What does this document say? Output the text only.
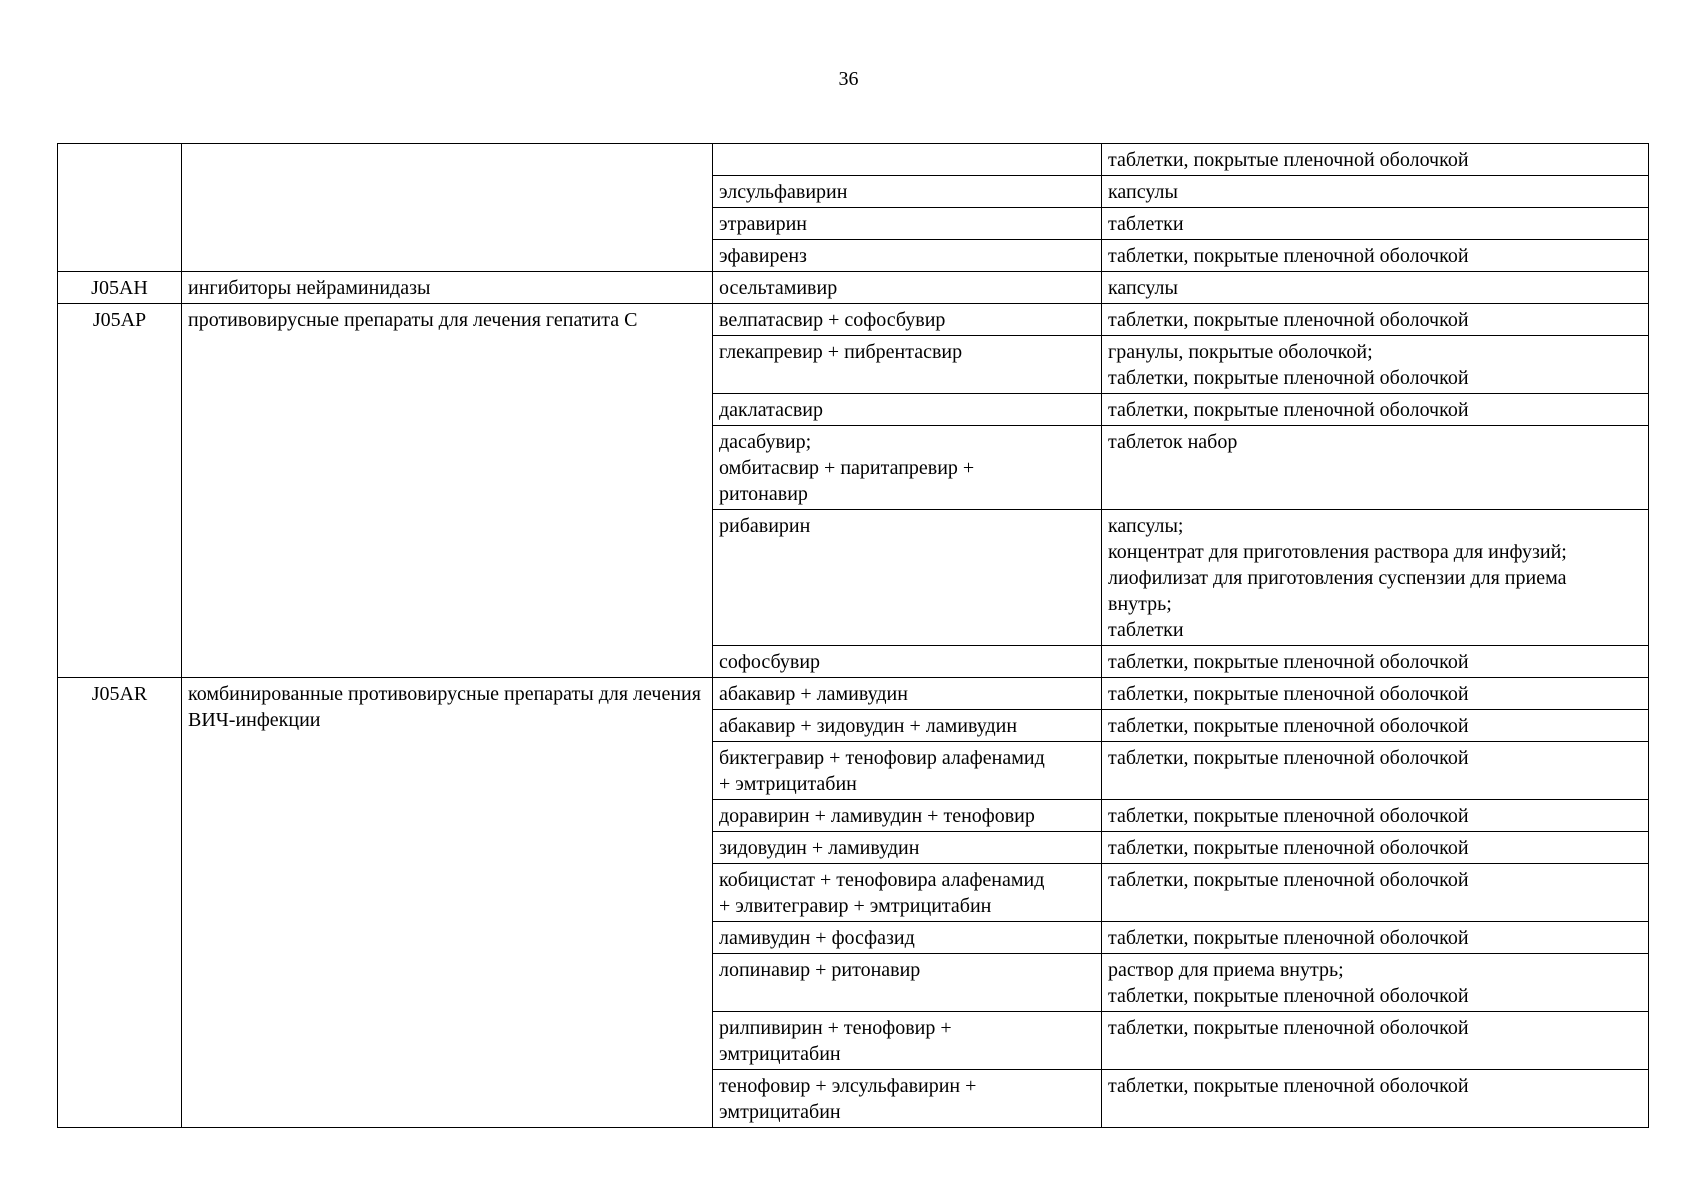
36

			таблетки, покрытые пленочной оболочкой

		элсульфавирин	капсулы

		этравирин	таблетки

		эфавиренз	таблетки, покрытые пленочной оболочкой

J05AH	ингибиторы нейраминидазы	осельтамивир	капсулы

J05AP	противовирусные препараты для лечения гепатита С	велпатасвир + софосбувир	таблетки, покрытые пленочной оболочкой

		глекапревир + пибрентасвир	гранулы, покрытые оболочкой;
таблетки, покрытые пленочной оболочкой

		даклатасвир	таблетки, покрытые пленочной оболочкой

		дасабувир;
омбитасвир + паритапревир +
ритонавир	таблеток набор

		рибавирин	капсулы;
концентрат для приготовления раствора для инфузий;
лиофилизат для приготовления суспензии для приема
внутрь;
таблетки

		софосбувир	таблетки, покрытые пленочной оболочкой

J05AR	комбинированные противовирусные препараты для лечения ВИЧ-инфекции	абакавир + ламивудин	таблетки, покрытые пленочной оболочкой

		абакавир + зидовудин + ламивудин	таблетки, покрытые пленочной оболочкой

		биктегравир + тенофовир алафенамид
+ эмтрицитабин	таблетки, покрытые пленочной оболочкой

		доравирин + ламивудин + тенофовир	таблетки, покрытые пленочной оболочкой

		зидовудин + ламивудин	таблетки, покрытые пленочной оболочкой

		кобицистат + тенофовира алафенамид
+ элвитегравир + эмтрицитабин	таблетки, покрытые пленочной оболочкой

		ламивудин + фосфазид	таблетки, покрытые пленочной оболочкой

		лопинавир + ритонавир	раствор для приема внутрь;
таблетки, покрытые пленочной оболочкой

		рилпивирин + тенофовир +
эмтрицитабин	таблетки, покрытые пленочной оболочкой

		тенофовир + элсульфавирин +
эмтрицитабин	таблетки, покрытые пленочной оболочкой
